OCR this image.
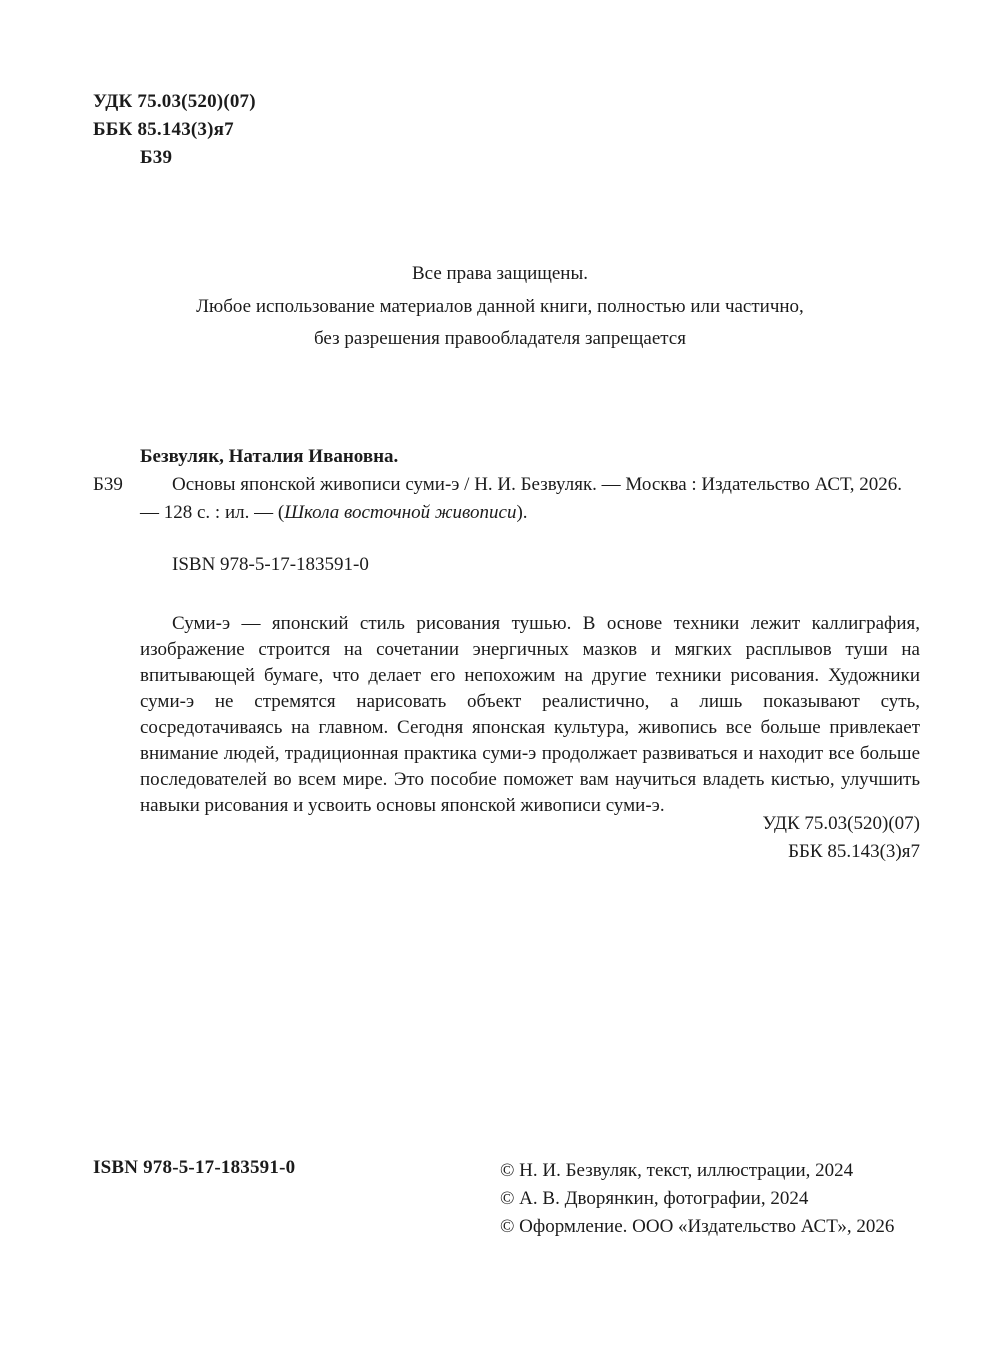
УДК 75.03(520)(07)
ББК 85.143(3)я7
Б39
Все права защищены.
Любое использование материалов данной книги, полностью или частично,
без разрешения правообладателя запрещается
Безвуляк, Наталия Ивановна.
Б39	Основы японской живописи суми-э / Н. И. Безвуляк. — Москва : Издательство АСТ, 2026. — 128 с. : ил. — (Школа восточной живописи).
ISBN 978-5-17-183591-0

Суми-э — японский стиль рисования тушью. В основе техники лежит каллиграфия, изображение строится на сочетании энергичных мазков и мягких расплывов туши на впитывающей бумаге, что делает его непохожим на другие техники рисования. Художники суми-э не стремятся нарисовать объект реалистично, а лишь показывают суть, сосредотачиваясь на главном. Сегодня японская культура, живопись все больше привлекает внимание людей, традиционная практика суми-э продолжает развиваться и находит все больше последователей во всем мире. Это пособие поможет вам научиться владеть кистью, улучшить навыки рисования и усвоить основы японской живописи суми-э.

УДК 75.03(520)(07)
ББК 85.143(3)я7
ISBN 978-5-17-183591-0	© Н. И. Безвуляк, текст, иллюстрации, 2024
© А. В. Дворянкин, фотографии, 2024
© Оформление. ООО «Издательство АСТ», 2026
